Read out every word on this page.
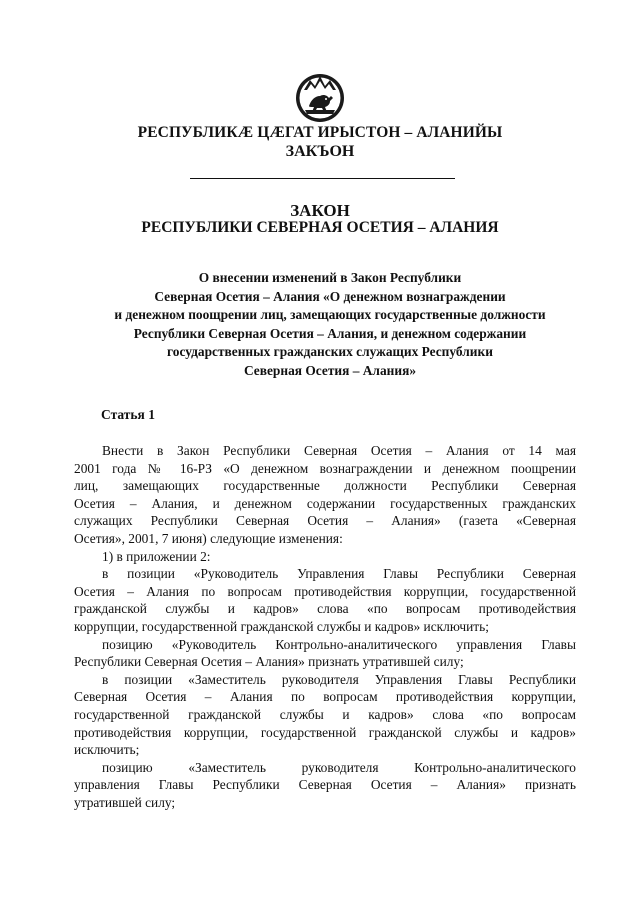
РЕСПУБЛИКÆ ЦÆГАТ ИРЫСТОН – АЛАНИЙЫ
ЗАКЪОН
ЗАКОН
РЕСПУБЛИКИ СЕВЕРНАЯ ОСЕТИЯ – АЛАНИЯ
О внесении изменений в Закон Республики
Северная Осетия – Алания «О денежном вознаграждении
и денежном поощрении лиц, замещающих государственные должности
Республики Северная Осетия – Алания, и денежном содержании
государственных гражданских служащих Республики
Северная Осетия – Алания»
Статья 1
Внести в Закон Республики Северная Осетия – Алания от 14 мая
2001 года № 16-РЗ «О денежном вознаграждении и денежном поощрении
лиц, замещающих государственные должности Республики Северная
Осетия – Алания, и денежном содержании государственных гражданских
служащих Республики Северная Осетия – Алания» (газета «Северная
Осетия», 2001, 7 июня) следующие изменения:
1) в приложении 2:
в позиции «Руководитель Управления Главы Республики Северная
Осетия – Алания по вопросам противодействия коррупции, государственной
гражданской службы и кадров» слова «по вопросам противодействия
коррупции, государственной гражданской службы и кадров» исключить;
позицию «Руководитель Контрольно-аналитического управления Главы
Республики Северная Осетия – Алания» признать утратившей силу;
в позиции «Заместитель руководителя Управления Главы Республики
Северная Осетия – Алания по вопросам противодействия коррупции,
государственной гражданской службы и кадров» слова «по вопросам
противодействия коррупции, государственной гражданской службы и кадров»
исключить;
позицию «Заместитель руководителя Контрольно-аналитического
управления Главы Республики Северная Осетия – Алания» признать
утратившей силу;
